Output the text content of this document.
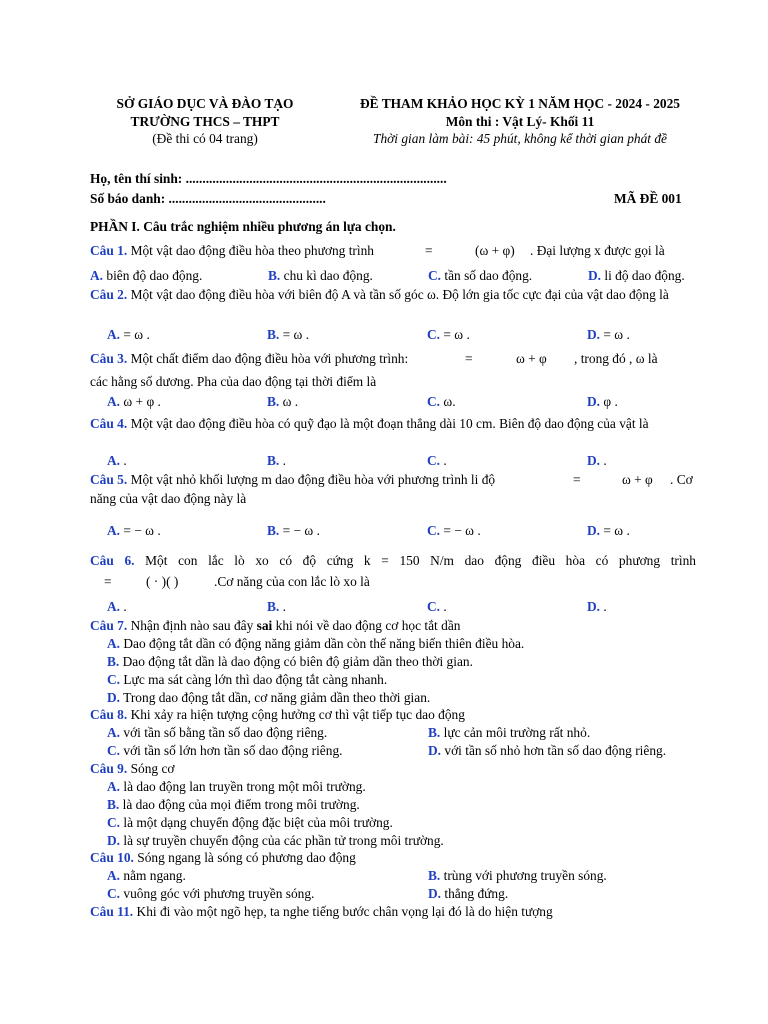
SỞ GIÁO DỤC VÀ ĐÀO TẠO
TRƯỜNG THCS – THPT
(Đề thi có 04 trang)
ĐỀ THAM KHẢO HỌC KỲ 1 NĂM HỌC - 2024 - 2025
Môn thi : Vật Lý- Khối 11
Thời gian làm bài: 45 phút, không kể thời gian phát đề
Họ, tên thí sinh: ..............................................................................
Số báo danh: ...............................................	MÃ ĐỀ 001
PHẦN I. Câu trắc nghiệm nhiều phương án lựa chọn.
Câu 1. Một vật dao động điều hòa theo phương trình	=	(ω + φ) . Đại lượng x được gọi là
A. biên độ dao động.	B. chu kì dao động.	C. tần số dao động.	D. li độ dao động.
Câu 2. Một vật dao động điều hòa với biên độ A và tần số góc ω. Độ lớn gia tốc cực đại của vật dao động là
A. = ω .	B. = ω .	C. = ω .	D. = ω .
Câu 3. Một chất điểm dao động điều hòa với phương trình:	=	ω + φ , trong đó , ω là
các hằng số dương. Pha của dao động tại thời điểm là
A. ω + φ .	B. ω .	C. ω.	D. φ .
Câu 4. Một vật dao động điều hòa có quỹ đạo là một đoạn thẳng dài 10 cm. Biên độ dao động của vật là
A. .	B. .	C. .	D. .
Câu 5. Một vật nhỏ khối lượng m dao động điều hòa với phương trình li độ	=	ω + φ . Cơ
năng của vật dao động này là
A. = − ω .	B. = − ω .	C. = − ω .	D. = ω .
Câu 6. Một con lắc lò xo có độ cứng k = 150 N/m dao động điều hòa có phương trình
=	( · )( )	.Cơ năng của con lắc lò xo là
A. .	B. .	C. .	D. .
Câu 7. Nhận định nào sau đây sai khi nói về dao động cơ học tắt dần
A. Dao động tắt dần có động năng giảm dần còn thế năng biến thiên điều hòa.
B. Dao động tắt dần là dao động có biên độ giảm dần theo thời gian.
C. Lực ma sát càng lớn thì dao động tắt càng nhanh.
D. Trong dao động tắt dần, cơ năng giảm dần theo thời gian.
Câu 8. Khi xảy ra hiện tượng cộng hưởng cơ thì vật tiếp tục dao động
A. với tần số bằng tần số dao động riêng.	B. lực cản môi trường rất nhỏ.
C. với tần số lớn hơn tần số dao động riêng.	D. với tần số nhỏ hơn tần số dao động riêng.
Câu 9. Sóng cơ
A. là dao động lan truyền trong một môi trường.
B. là dao động của mọi điểm trong môi trường.
C. là một dạng chuyển động đặc biệt của môi trường.
D. là sự truyền chuyển động của các phần tử trong môi trường.
Câu 10. Sóng ngang là sóng có phương dao động
A. nằm ngang.	B. trùng với phương truyền sóng.
C. vuông góc với phương truyền sóng.	D. thẳng đứng.
Câu 11. Khi đi vào một ngõ hẹp, ta nghe tiếng bước chân vọng lại đó là do hiện tượng
